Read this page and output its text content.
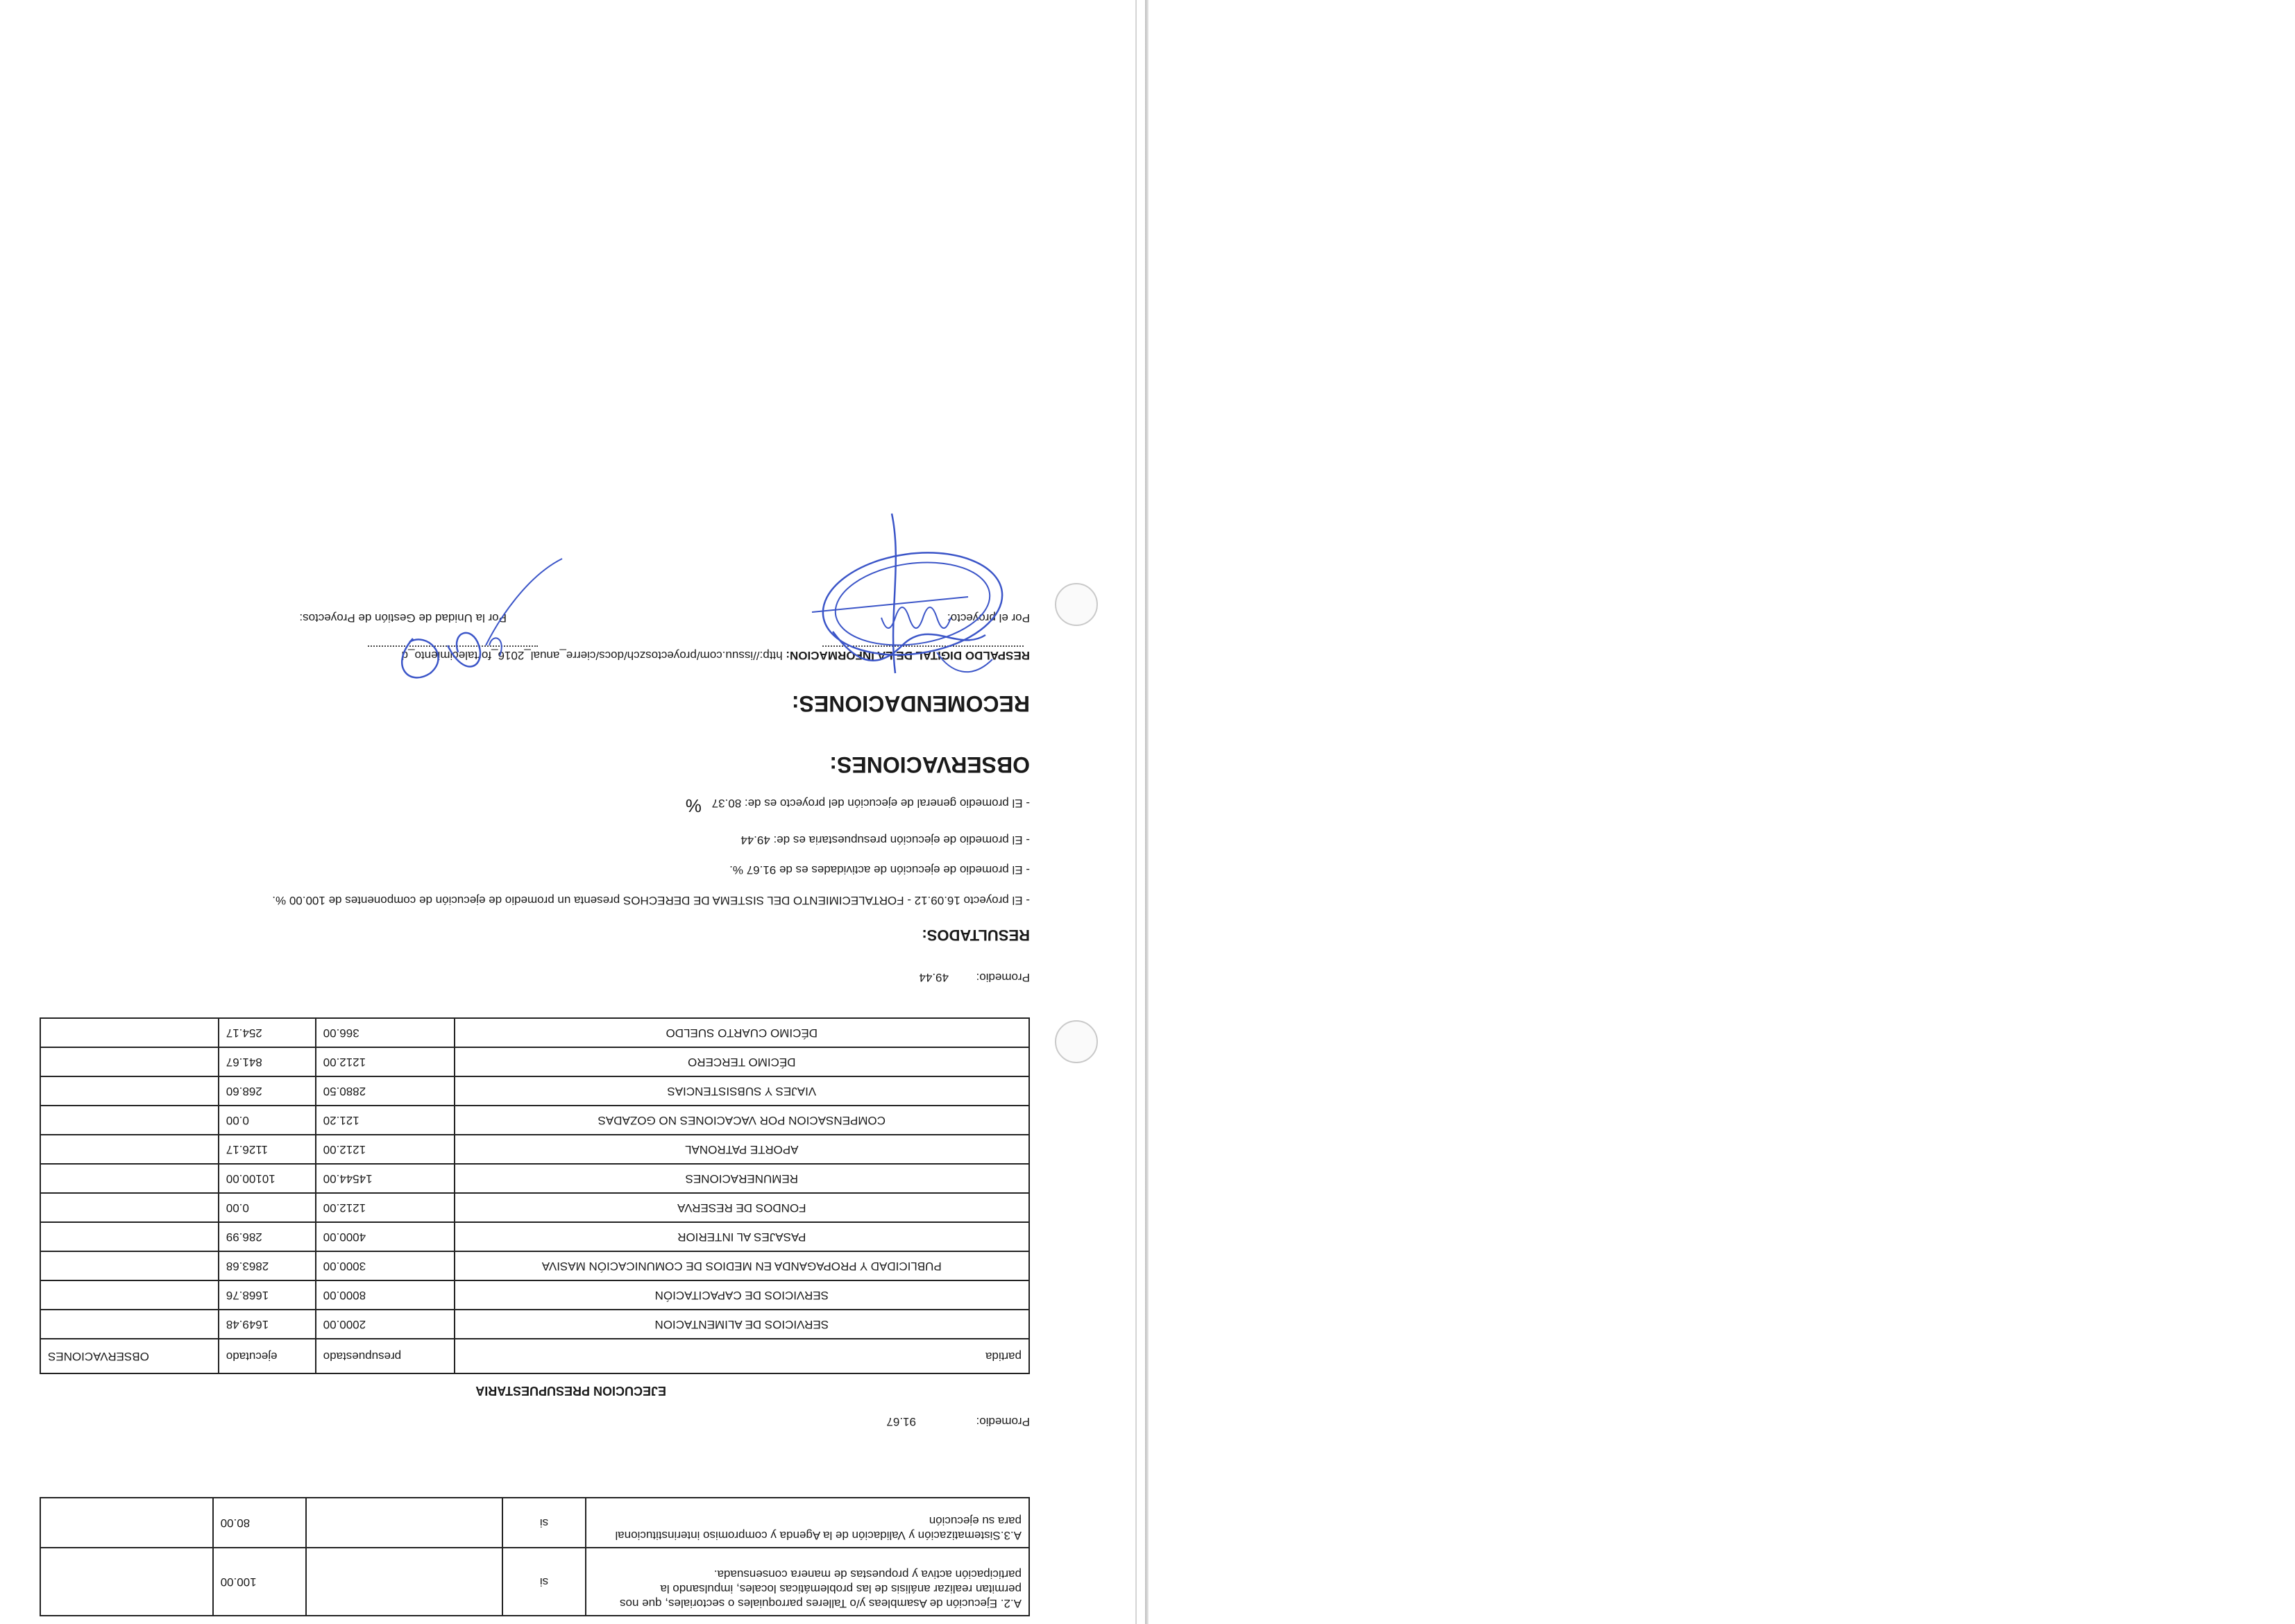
A.2. Ejecución de Asambleas y/o Talleres parroquiales o sectoriales, que nos permitan realizar análisis de las problemáticas locales, impulsando la participación activa y propuestas de manera consensuada.	si		100.00	
A.3.Sistematización y Validación de la Agenda y compromiso interinstitucional para su ejecución	si		80.00	
Promedio:
91.67
EJECUCION PRESUPUESTARIA
partida	presupuestado	ejecutado	OBSERVACIONES
SERVICIOS DE ALIMENTACION	2000.00	1649.48	
SERVICIOS DE CAPACITACIÓN	8000.00	1668.76	
PUBLICIDAD Y PROPAGANDA EN MEDIOS DE COMUNICACIÓN MASIVA	3000.00	2863.68	
PASAJES AL INTERIOR	4000.00	286.99	
FONDOS DE RESERVA	1212.00	0.00	
REMUNERACIONES	14544.00	10100.00	
APORTE PATRONAL	1212.00	1126.17	
COMPENSACION POR VACACIONES NO GOZADAS	121.20	0.00	
VIAJES Y SUBSISTENCIAS	2880.50	268.60	
DÉCIMO TERCERO	1212.00	841.67	
DÉCIMO CUARTO SUELDO	366.00	254.17	
Promedio:
49.44
RESULTADOS:
- El proyecto 16.09.12 - FORTALECIMIENTO DEL SISTEMA DE DERECHOS presenta un promedio de ejecución de componentes de 100.00 %.
- El promedio de ejecución de actividades es de 91.67 %.
- El promedio de ejecución presupuestaria es de: 49.44
- El promedio general de ejecución del proyecto es de: 80.37 %
OBSERVACIONES:
RECOMENDACIONES:
RESPALDO DIGITAL DE LA INFORMACION: http://issuu.com/proyectoszch/docs/cierre_anual_2016_fortalecimiento_d
Por el proyecto:
Por la Unidad de Gestión de Proyectos:
